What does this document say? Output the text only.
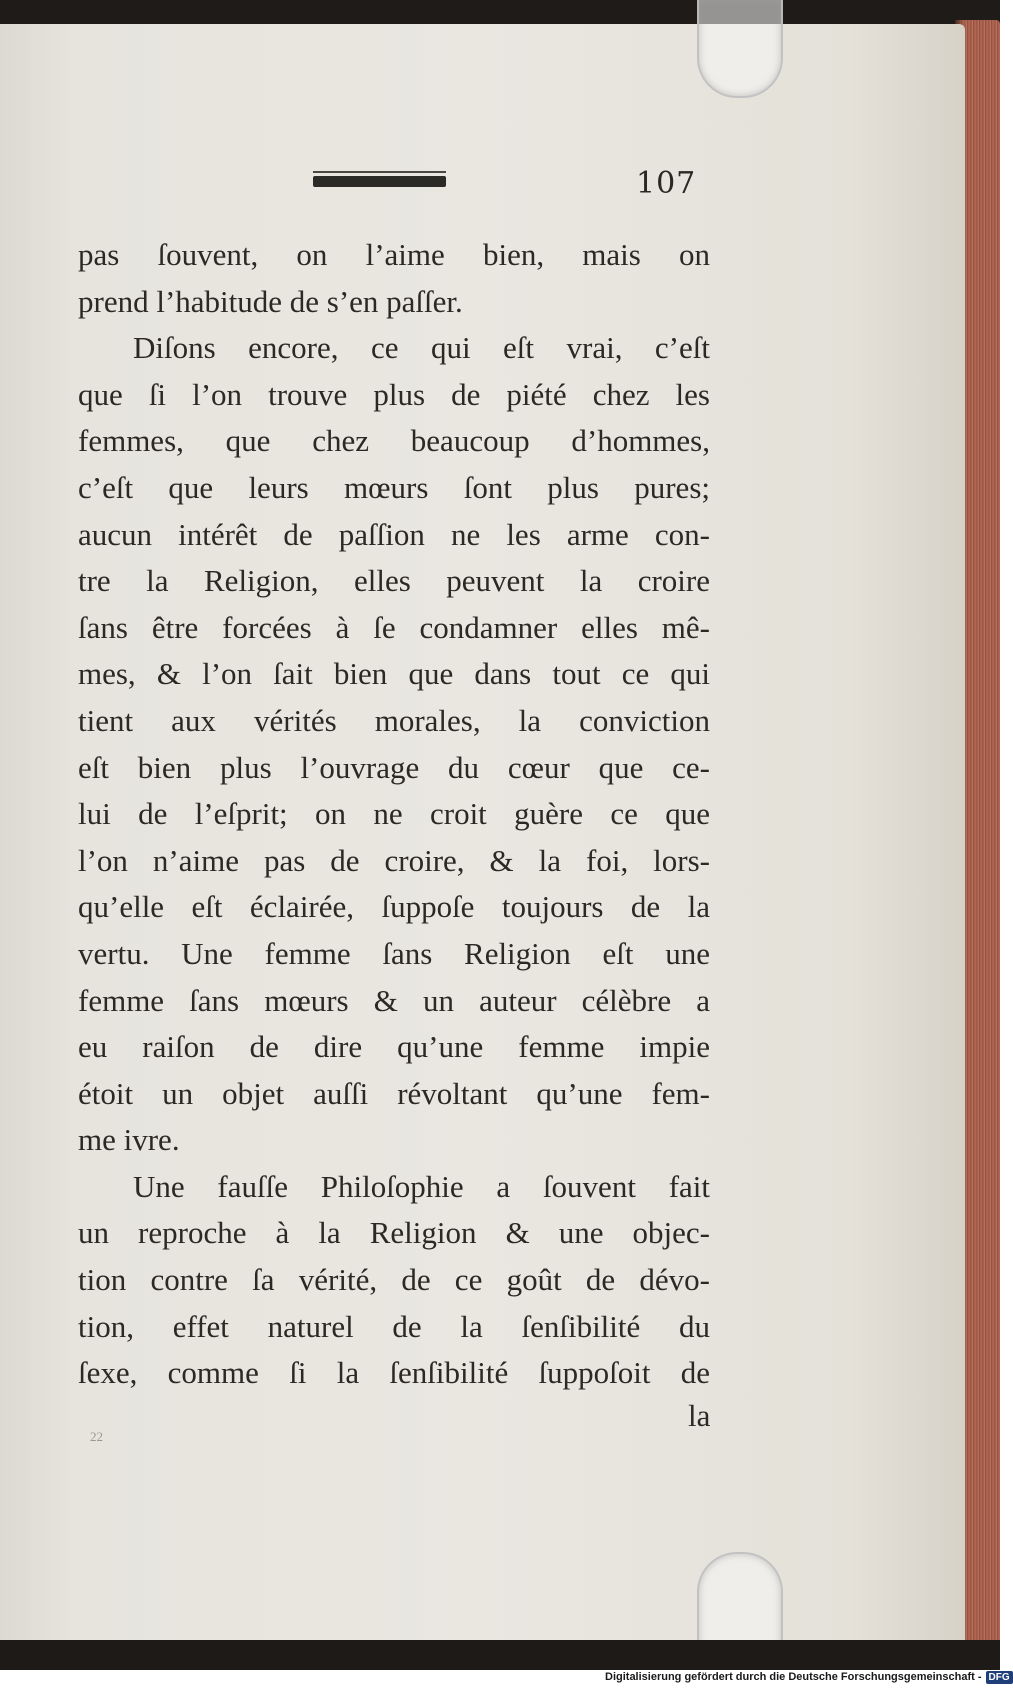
107
pas ſouvent, on l’aime bien, mais on
prend l’habitude de s’en paſſer.
Diſons encore, ce qui eſt vrai, c’eſt
que ſi l’on trouve plus de piété chez les
femmes, que chez beaucoup d’hommes,
c’eſt que leurs mœurs ſont plus pures;
aucun intérêt de paſſion ne les arme con-
tre la Religion, elles peuvent la croire
ſans être forcées à ſe condamner elles mê-
mes, & l’on ſait bien que dans tout ce qui
tient aux vérités morales, la conviction
eſt bien plus l’ouvrage du cœur que ce-
lui de l’eſprit; on ne croit guère ce que
l’on n’aime pas de croire, & la foi, lors-
qu’elle eſt éclairée, ſuppoſe toujours de la
vertu. Une femme ſans Religion eſt une
femme ſans mœurs & un auteur célèbre a
eu raiſon de dire qu’une femme impie
étoit un objet auſſi révoltant qu’une fem-
me ivre.
Une fauſſe Philoſophie a ſouvent fait
un reproche à la Religion & une objec-
tion contre ſa vérité, de ce goût de dévo-
tion, effet naturel de la ſenſibilité du
ſexe, comme ſi la ſenſibilité ſuppoſoit de
la
22
Digitalisierung gefördert durch die Deutsche Forschungsgemeinschaft - DFG
